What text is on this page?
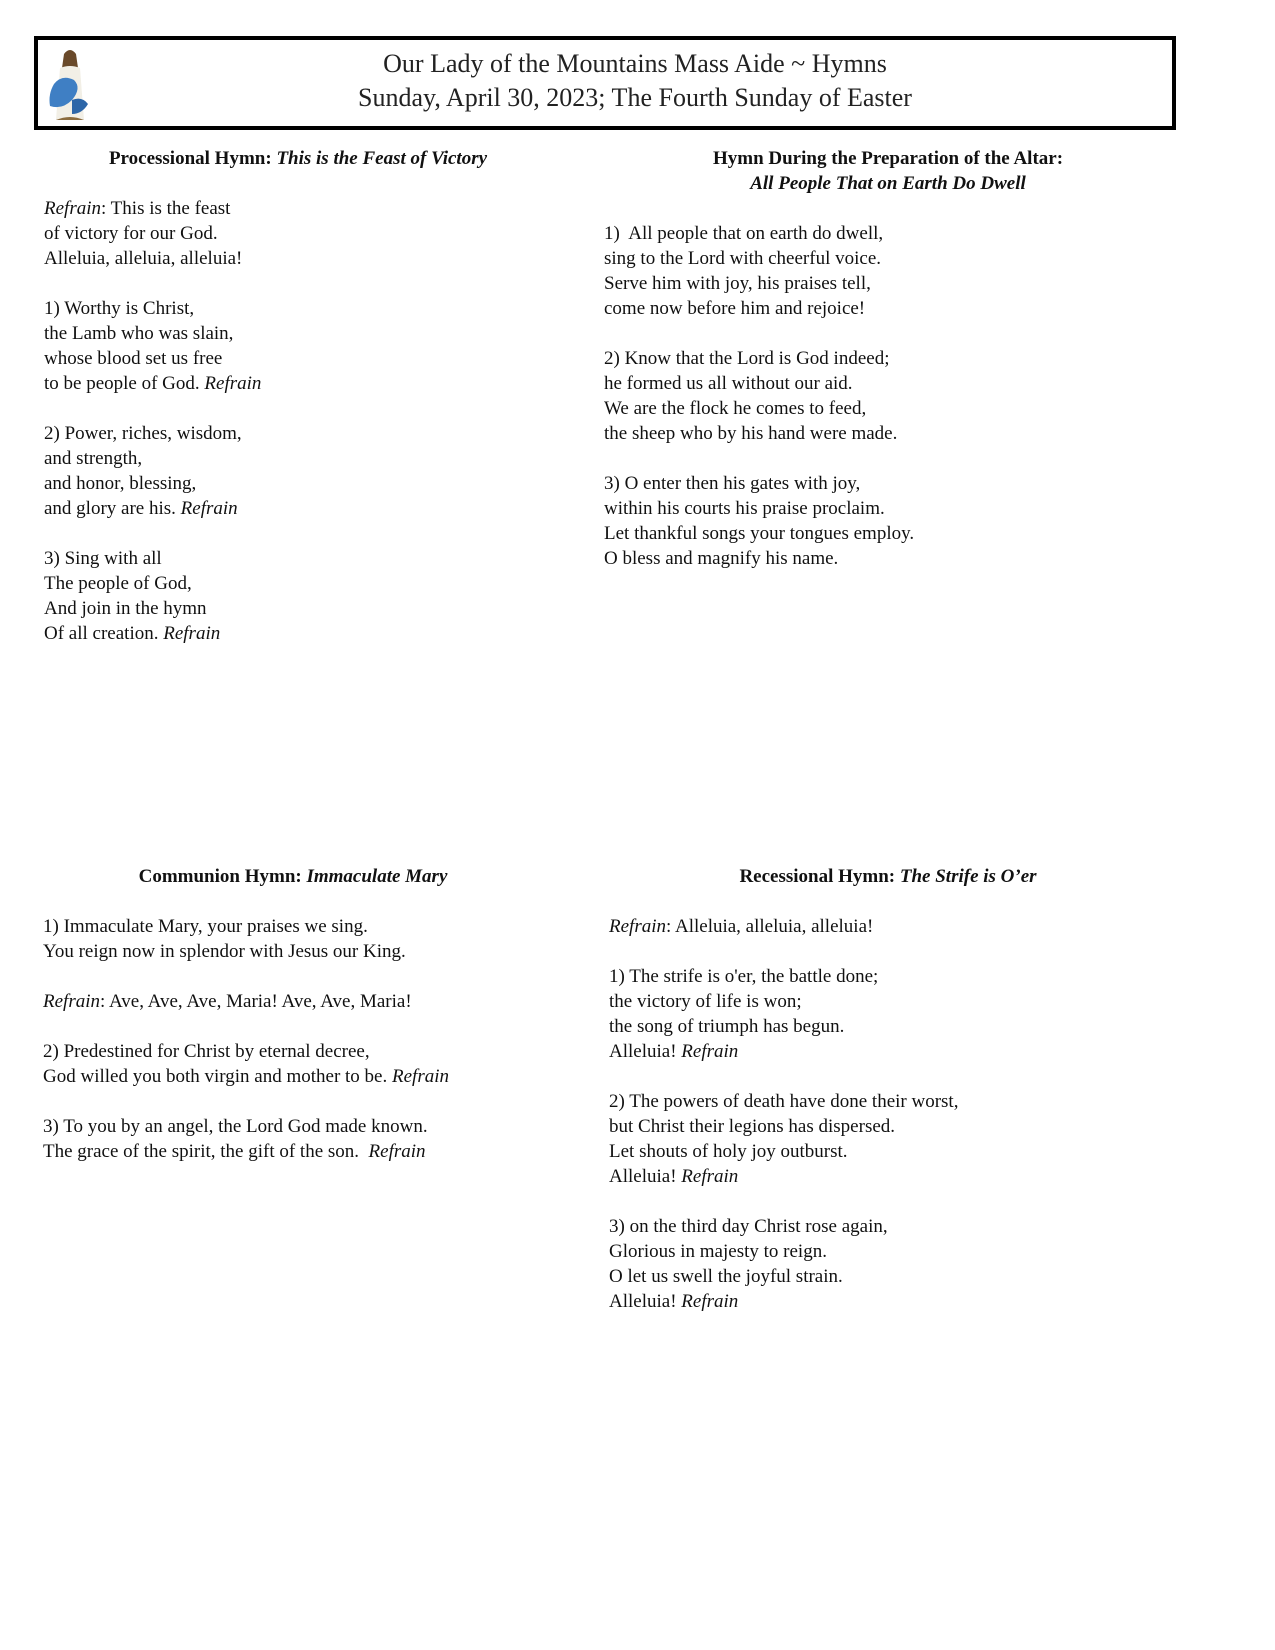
Our Lady of the Mountains Mass Aide ~ Hymns
Sunday, April 30, 2023; The Fourth Sunday of Easter
Processional Hymn: This is the Feast of Victory
Refrain: This is the feast
of victory for our God.
Alleluia, alleluia, alleluia!
1) Worthy is Christ,
the Lamb who was slain,
whose blood set us free
to be people of God. Refrain
2) Power, riches, wisdom,
and strength,
and honor, blessing,
and glory are his. Refrain
3) Sing with all
The people of God,
And join in the hymn
Of all creation. Refrain
Hymn During the Preparation of the Altar:
All People That on Earth Do Dwell
1)  All people that on earth do dwell,
sing to the Lord with cheerful voice.
Serve him with joy, his praises tell,
come now before him and rejoice!
2) Know that the Lord is God indeed;
he formed us all without our aid.
We are the flock he comes to feed,
the sheep who by his hand were made.
3) O enter then his gates with joy,
within his courts his praise proclaim.
Let thankful songs your tongues employ.
O bless and magnify his name.
Communion Hymn: Immaculate Mary
1) Immaculate Mary, your praises we sing.
You reign now in splendor with Jesus our King.
Refrain: Ave, Ave, Ave, Maria! Ave, Ave, Maria!
2) Predestined for Christ by eternal decree,
God willed you both virgin and mother to be. Refrain
3) To you by an angel, the Lord God made known.
The grace of the spirit, the gift of the son.  Refrain
Recessional Hymn: The Strife is O’er
Refrain: Alleluia, alleluia, alleluia!
1) The strife is o'er, the battle done;
the victory of life is won;
the song of triumph has begun.
Alleluia! Refrain
2) The powers of death have done their worst,
but Christ their legions has dispersed.
Let shouts of holy joy outburst.
Alleluia! Refrain
3) on the third day Christ rose again,
Glorious in majesty to reign.
O let us swell the joyful strain.
Alleluia! Refrain
